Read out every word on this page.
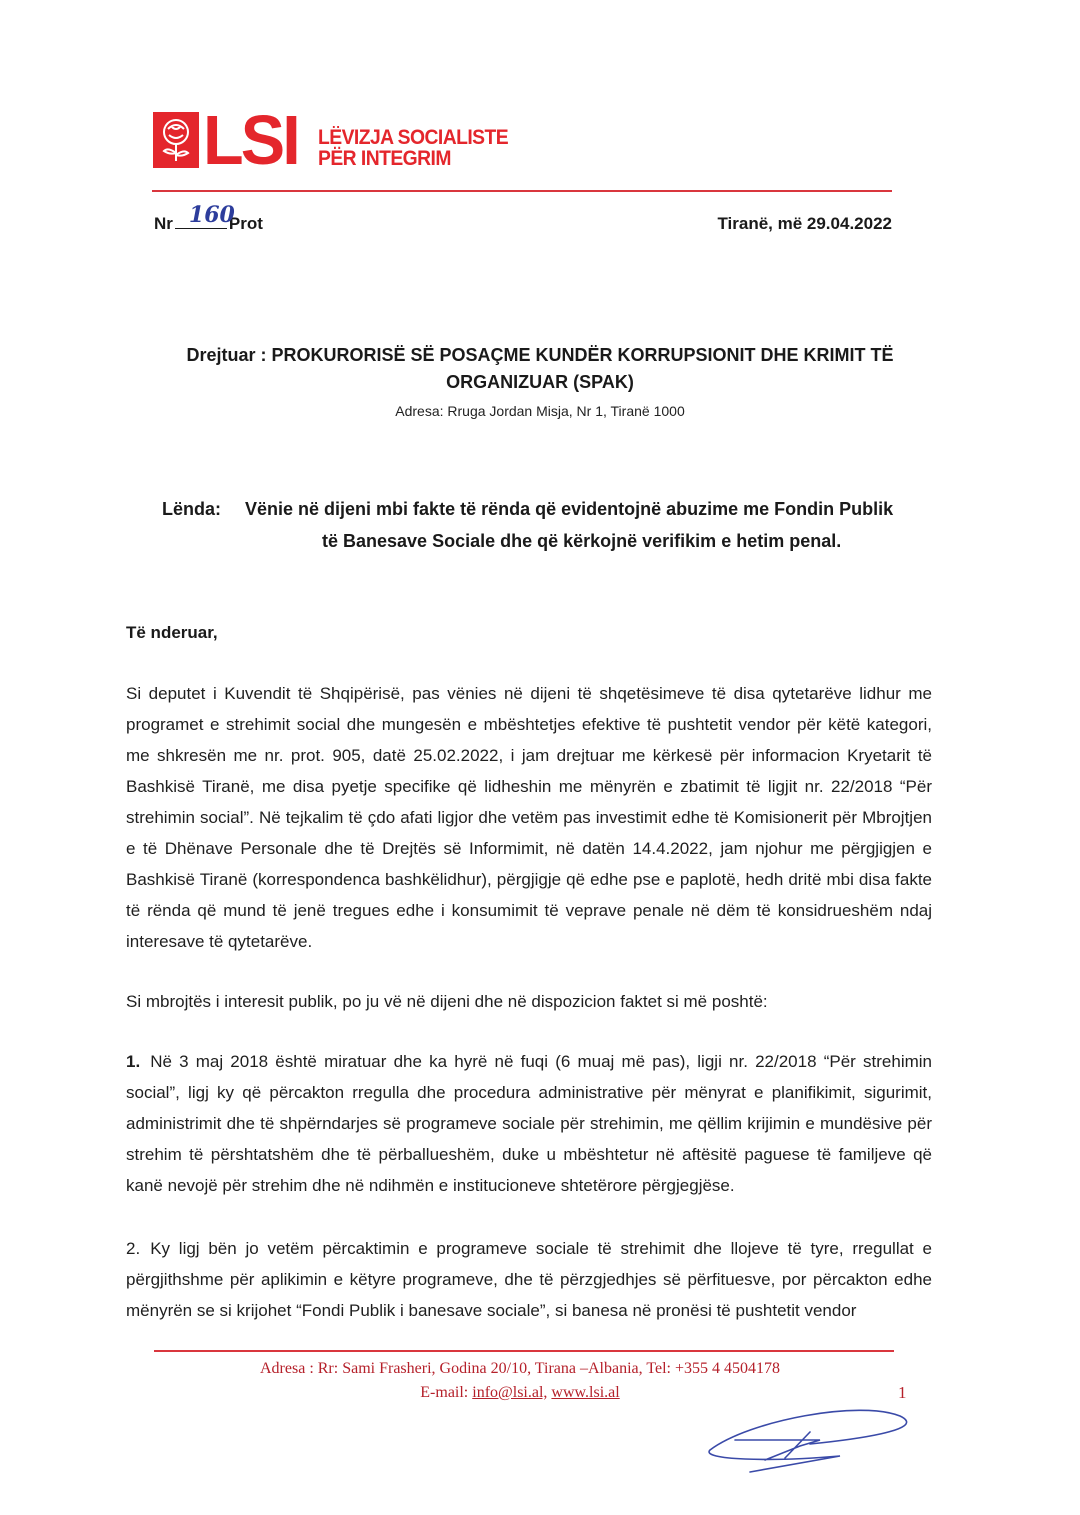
LSI LËVIZJA SOCIALISTE
PËR INTEGRIM
Nr 160
Prot	Tiranë, më 29.04.2022
Drejtuar : PROKURORISË SË POSAÇME KUNDËR KORRUPSIONIT DHE KRIMIT TË
ORGANIZUAR (SPAK)
Adresa: Rruga Jordan Misja, Nr 1, Tiranë 1000
Lënda: Vënie në dijeni mbi fakte të rënda që evidentojnë abuzime me Fondin Publik
të Banesave Sociale dhe që kërkojnë verifikim e hetim penal.
Të nderuar,
Si deputet i Kuvendit të Shqipërisë, pas vënies në dijeni të shqetësimeve të disa qytetarëve lidhur me programet e strehimit social dhe mungesën e mbështetjes efektive të pushtetit vendor për këtë kategori, me shkresën me nr. prot. 905, datë 25.02.2022, i jam drejtuar me kërkesë për informacion Kryetarit të Bashkisë Tiranë, me disa pyetje specifike që lidheshin me mënyrën e zbatimit të ligjit nr. 22/2018 “Për strehimin social”. Në tejkalim të çdo afati ligjor dhe vetëm pas investimit edhe të Komisionerit për Mbrojtjen e të Dhënave Personale dhe të Drejtës së Informimit, në datën 14.4.2022, jam njohur me përgjigjen e Bashkisë Tiranë (korrespondenca bashkëlidhur), përgjigje që edhe pse e paplotë, hedh dritë mbi disa fakte të rënda që mund të jenë tregues edhe i konsumimit të veprave penale në dëm të konsidrueshëm ndaj interesave të qytetarëve.
Si mbrojtës i interesit publik, po ju vë në dijeni dhe në dispozicion faktet si më poshtë:
1. Në 3 maj 2018 është miratuar dhe ka hyrë në fuqi (6 muaj më pas), ligji nr. 22/2018 “Për strehimin social”, ligj ky që përcakton rregulla dhe procedura administrative për mënyrat e planifikimit, sigurimit, administrimit dhe të shpërndarjes së programeve sociale për strehimin, me qëllim krijimin e mundësive për strehim të përshtatshëm dhe të përballueshëm, duke u mbështetur në aftësitë paguese të familjeve që kanë nevojë për strehim dhe në ndihmën e institucioneve shtetërore përgjegjëse.
2. Ky ligj bën jo vetëm përcaktimin e programeve sociale të strehimit dhe llojeve të tyre, rregullat e përgjithshme për aplikimin e këtyre programeve, dhe të përzgjedhjes së përfituesve, por përcakton edhe mënyrën se si krijohet “Fondi Publik i banesave sociale”, si banesa në pronësi të pushtetit vendor
Adresa : Rr: Sami Frasheri, Godina 20/10, Tirana –Albania, Tel: +355 4 4504178
E-mail: info@lsi.al, www.lsi.al	1
